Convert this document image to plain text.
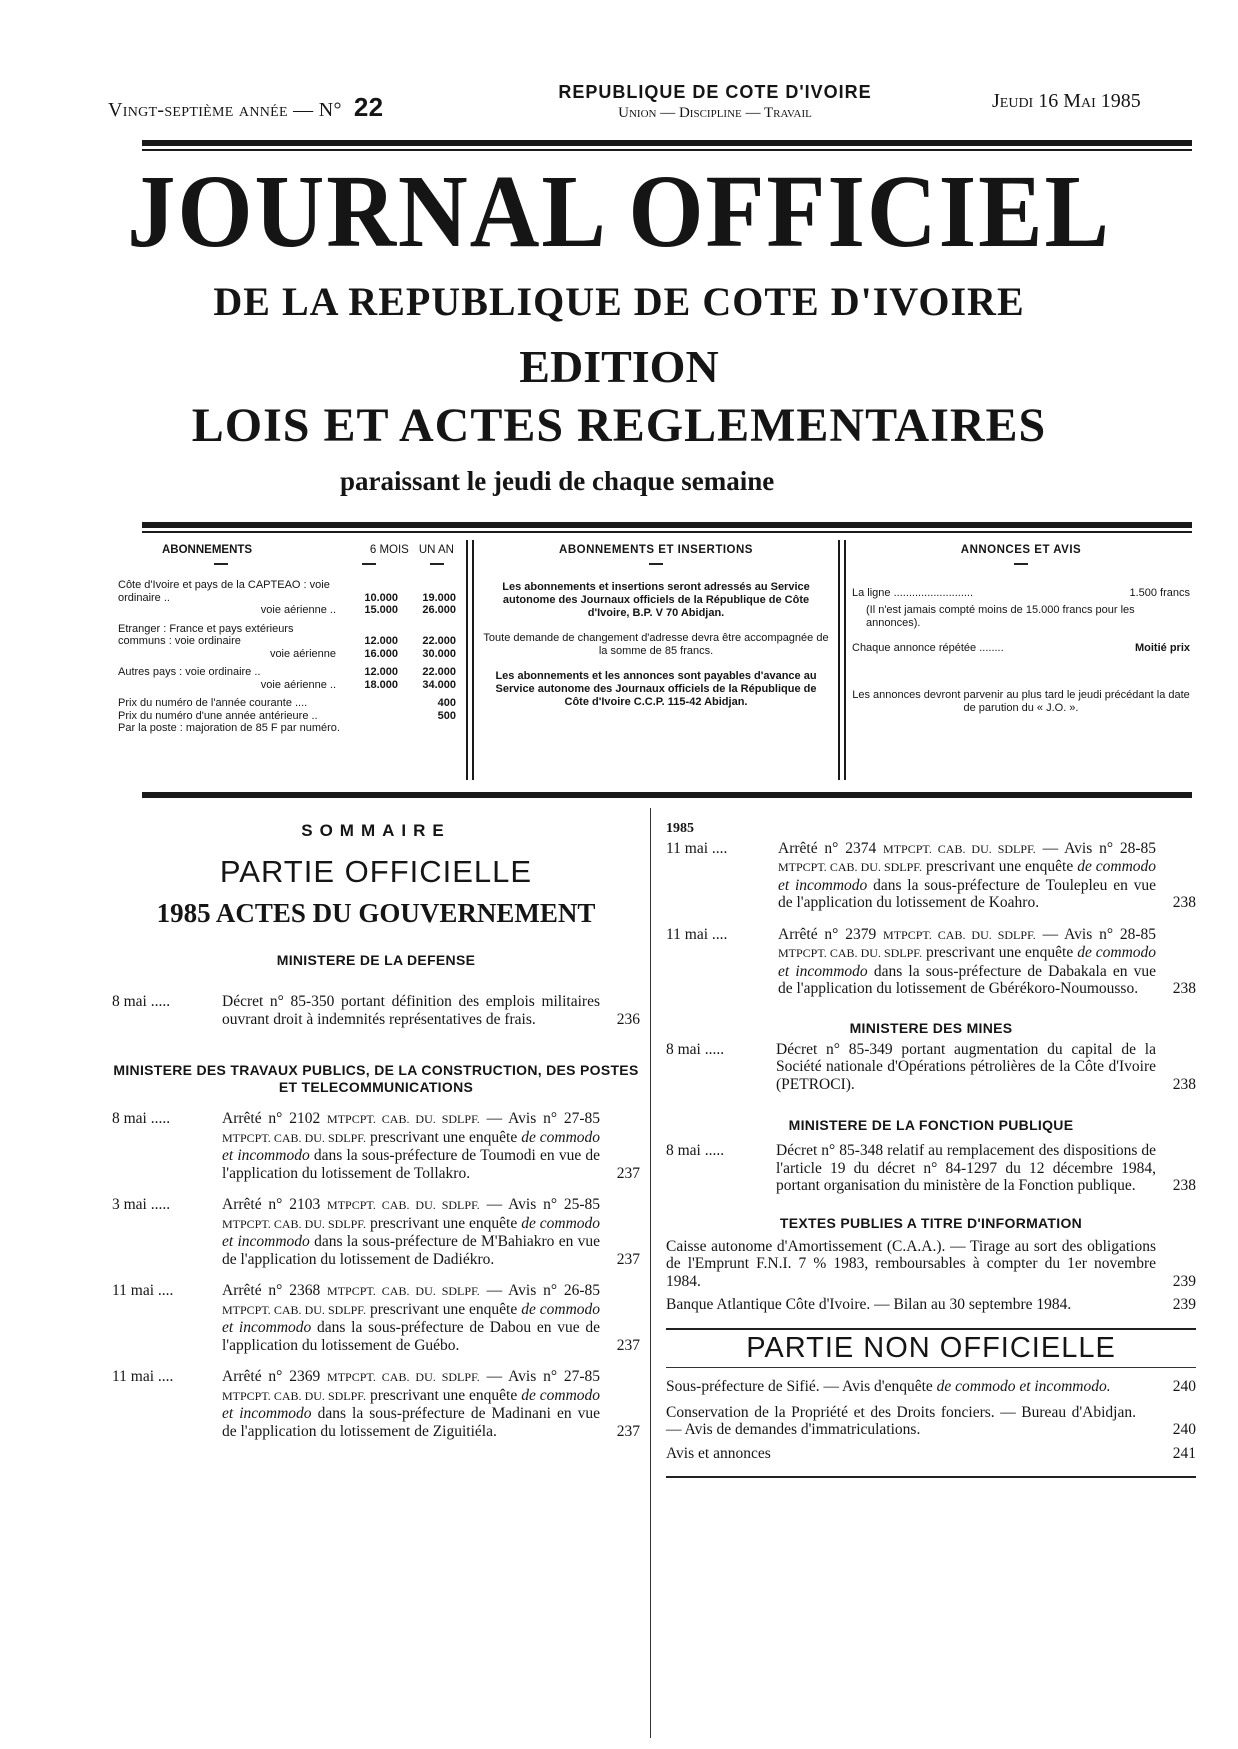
Vingt-septième année — N° 22	REPUBLIQUE DE COTE D'IVOIRE
Union — Discipline — Travail
Jeudi 16 Mai 1985
JOURNAL OFFICIEL
DE LA REPUBLIQUE DE COTE D'IVOIRE
EDITION
LOIS ET ACTES REGLEMENTAIRES
paraissant le jeudi de chaque semaine
ABONNEMENTS	6 MOIS UN AN
Côte d'Ivoire et pays de la CAPTEAO : voie ordinaire ..	10.000	19.000
voie aérienne ..	15.000	26.000
Etranger : France et pays extérieurs communs : voie ordinaire	12.000	22.000
voie aérienne	16.000	30.000
Autres pays : voie ordinaire ..	12.000	22.000
voie aérienne ..	18.000	34.000
Prix du numéro de l'année courante ....		400
Prix du numéro d'une année antérieure ..		500
Par la poste : majoration de 85 F par numéro.		
ABONNEMENTS ET INSERTIONS
Les abonnements et insertions seront adressés au Service autonome des Journaux officiels de la République de Côte d'Ivoire, B.P. V 70 Abidjan.
Toute demande de changement d'adresse devra être accompagnée de la somme de 85 francs.
Les abonnements et les annonces sont payables d'avance au Service autonome des Journaux officiels de la République de Côte d'Ivoire C.C.P. 115-42 Abidjan.
ANNONCES ET AVIS
La ligne ..........................	1.500 francs
(Il n'est jamais compté moins de 15.000 francs pour les annonces).
Chaque annonce répétée ........	Moitié prix
Les annonces devront parvenir au plus tard le jeudi précédant la date de parution du « J.O. ».
SOMMAIRE
PARTIE OFFICIELLE
1985 ACTES DU GOUVERNEMENT
MINISTERE DE LA DEFENSE
8 mai .....	Décret n° 85-350 portant définition des emplois militaires ouvrant droit à indemnités représentatives de frais.	236
MINISTERE DES TRAVAUX PUBLICS, DE LA CONSTRUCTION, DES POSTES ET TELECOMMUNICATIONS
8 mai .....	Arrêté n° 2102 MTPCPT. CAB. DU. SDLPF. — Avis n° 27-85 MTPCPT. CAB. DU. SDLPF. prescrivant une enquête de commodo et incommodo dans la sous-préfecture de Toumodi en vue de l'application du lotissement de Tollakro.	237
3 mai .....	Arrêté n° 2103 MTPCPT. CAB. DU. SDLPF. — Avis n° 25-85 MTPCPT. CAB. DU. SDLPF. prescrivant une enquête de commodo et incommodo dans la sous-préfecture de M'Bahiakro en vue de l'application du lotissement de Dadiékro.	237
11 mai ....	Arrêté n° 2368 MTPCPT. CAB. DU. SDLPF. — Avis n° 26-85 MTPCPT. CAB. DU. SDLPF. prescrivant une enquête de commodo et incommodo dans la sous-préfecture de Dabou en vue de l'application du lotissement de Guébo.	237
11 mai ....	Arrêté n° 2369 MTPCPT. CAB. DU. SDLPF. — Avis n° 27-85 MTPCPT. CAB. DU. SDLPF. prescrivant une enquête de commodo et incommodo dans la sous-préfecture de Madinani en vue de l'application du lotissement de Ziguitiéla.	237
1985
11 mai ....	Arrêté n° 2374 MTPCPT. CAB. DU. SDLPF. — Avis n° 28-85 MTPCPT. CAB. DU. SDLPF. prescrivant une enquête de commodo et incommodo dans la sous-préfecture de Toulepleu en vue de l'application du lotissement de Koahro.	238
11 mai ....	Arrêté n° 2379 MTPCPT. CAB. DU. SDLPF. — Avis n° 28-85 MTPCPT. CAB. DU. SDLPF. prescrivant une enquête de commodo et incommodo dans la sous-préfecture de Dabakala en vue de l'application du lotissement de Gbérékoro-Noumousso.	238
MINISTERE DES MINES
8 mai .....	Décret n° 85-349 portant augmentation du capital de la Société nationale d'Opérations pétrolières de la Côte d'Ivoire (PETROCI).	238
MINISTERE DE LA FONCTION PUBLIQUE
8 mai .....	Décret n° 85-348 relatif au remplacement des dispositions de l'article 19 du décret n° 84-1297 du 12 décembre 1984, portant organisation du ministère de la Fonction publique.	238
TEXTES PUBLIES A TITRE D'INFORMATION
Caisse autonome d'Amortissement (C.A.A.). — Tirage au sort des obligations de l'Emprunt F.N.I. 7 % 1983, remboursables à compter du 1er novembre 1984.	239
Banque Atlantique Côte d'Ivoire. — Bilan au 30 septembre 1984.	239
PARTIE NON OFFICIELLE
Sous-préfecture de Sifié. — Avis d'enquête de commodo et incommodo.	240
Conservation de la Propriété et des Droits fonciers. — Bureau d'Abidjan. — Avis de demandes d'immatriculations.	240
Avis et annonces	241
